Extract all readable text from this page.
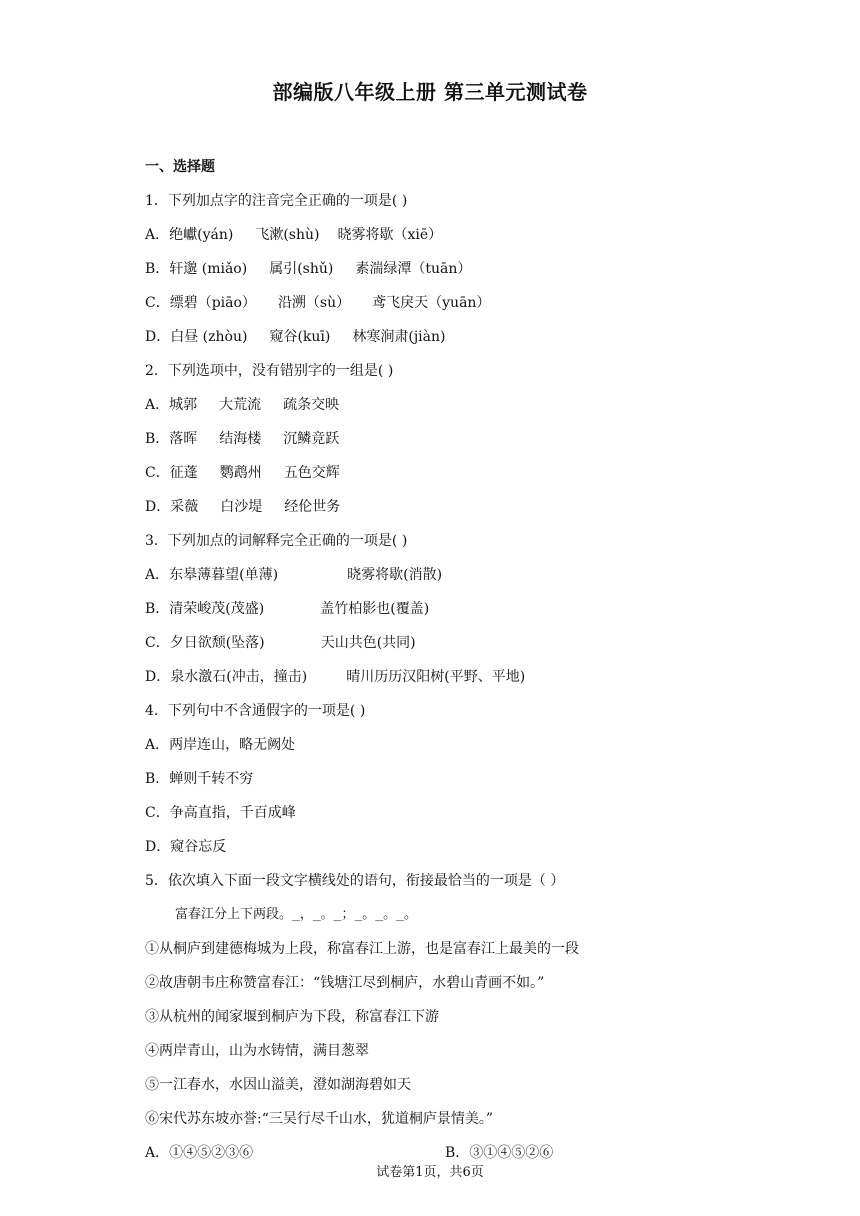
部编版八年级上册 第三单元测试卷
一、选择题
1．下列加点字的注音完全正确的一项是( )
A．绝巘(yán) 飞漱(shù) 晓雾将歇（xiē）
B．轩邈 (miǎo) 属引(shǔ) 素湍绿潭（tuān）
C．缥碧（piāo） 沿溯（sù） 鸢飞戾天（yuān）
D．白昼 (zhòu) 窥谷(kuī) 林寒涧肃(jiàn)
2．下列选项中，没有错别字的一组是( )
A．城郭 大荒流 疏条交映
B．落晖 结海楼 沉鳞竞跃
C．征蓬 鹦鹉州 五色交辉
D．采薇 白沙堤 经伦世务
3．下列加点的词解释完全正确的一项是( )
A．东皋薄暮望(单薄)	晓雾将歇(消散)
B．清荣峻茂(茂盛)	盖竹柏影也(覆盖)
C．夕日欲颓(坠落)	天山共色(共同)
D．泉水激石(冲击，撞击)	晴川历历汉阳树(平野、平地)
4．下列句中不含通假字的一项是( )
A．两岸连山，略无阙处
B．蝉则千转不穷
C．争高直指，千百成峰
D．窥谷忘反
5．依次填入下面一段文字横线处的语句，衔接最恰当的一项是（ ）
富春江分上下两段。_，_。_；_。_。_。
①从桐庐到建德梅城为上段，称富春江上游，也是富春江上最美的一段
②故唐朝韦庄称赞富春江：“钱塘江尽到桐庐，水碧山青画不如。”
③从杭州的闻家堰到桐庐为下段，称富春江下游
④两岸青山，山为水铸情，满目葱翠
⑤一江春水，水因山溢美，澄如湖海碧如天
⑥宋代苏东坡亦誉:“三吴行尽千山水，犹道桐庐景情美。”
A．①④⑤②③⑥	B．③①④⑤②⑥
试卷第1页，共6页
